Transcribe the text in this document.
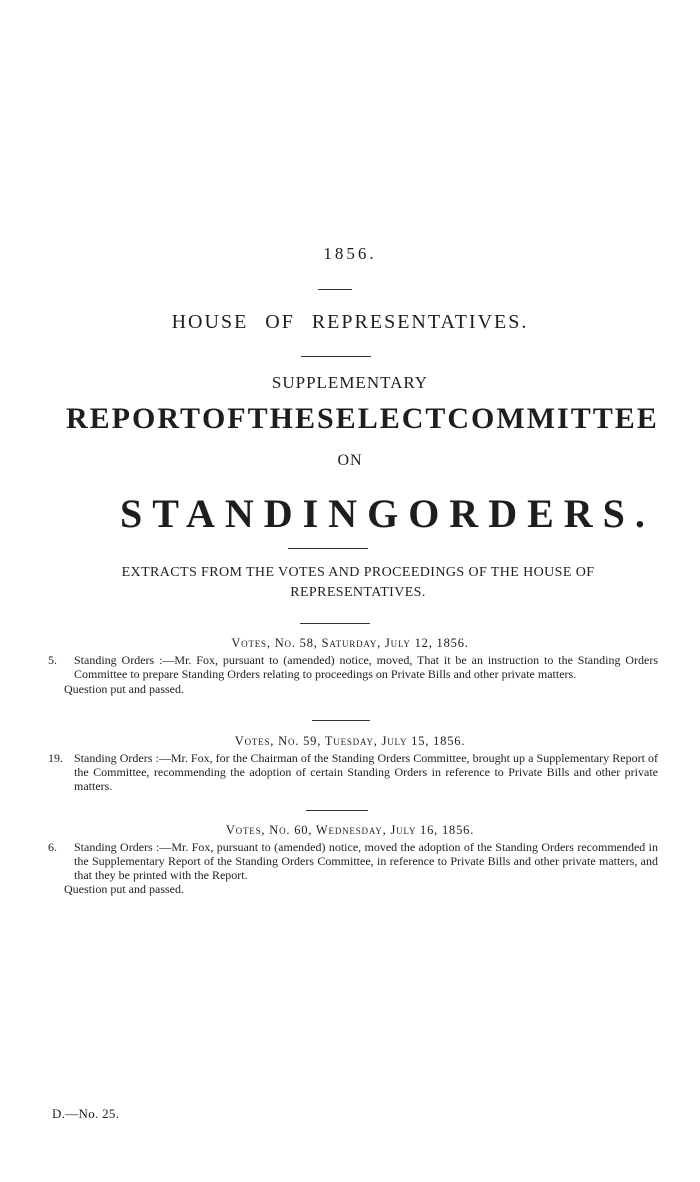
1856.
HOUSE OF REPRESENTATIVES.
SUPPLEMENTARY
REPORT OF THE SELECT COMMITTEE
ON
STANDING ORDERS.
EXTRACTS FROM THE VOTES AND PROCEEDINGS OF THE HOUSE OF REPRESENTATIVES.
Votes, No. 58, Saturday, July 12, 1856.
5. Standing Orders :—Mr. Fox, pursuant to (amended) notice, moved, That it be an instruction to the Standing Orders Committee to prepare Standing Orders relating to proceedings on Private Bills and other private matters.
Question put and passed.
Votes, No. 59, Tuesday, July 15, 1856.
19. Standing Orders :—Mr. Fox, for the Chairman of the Standing Orders Committee, brought up a Supplementary Report of the Committee, recommending the adoption of certain Standing Orders in reference to Private Bills and other private matters.
Votes, No. 60, Wednesday, July 16, 1856.
6. Standing Orders :—Mr. Fox, pursuant to (amended) notice, moved the adoption of the Standing Orders recommended in the Supplementary Report of the Standing Orders Committee, in reference to Private Bills and other private matters, and that they be printed with the Report.
Question put and passed.
D.—No. 25.
